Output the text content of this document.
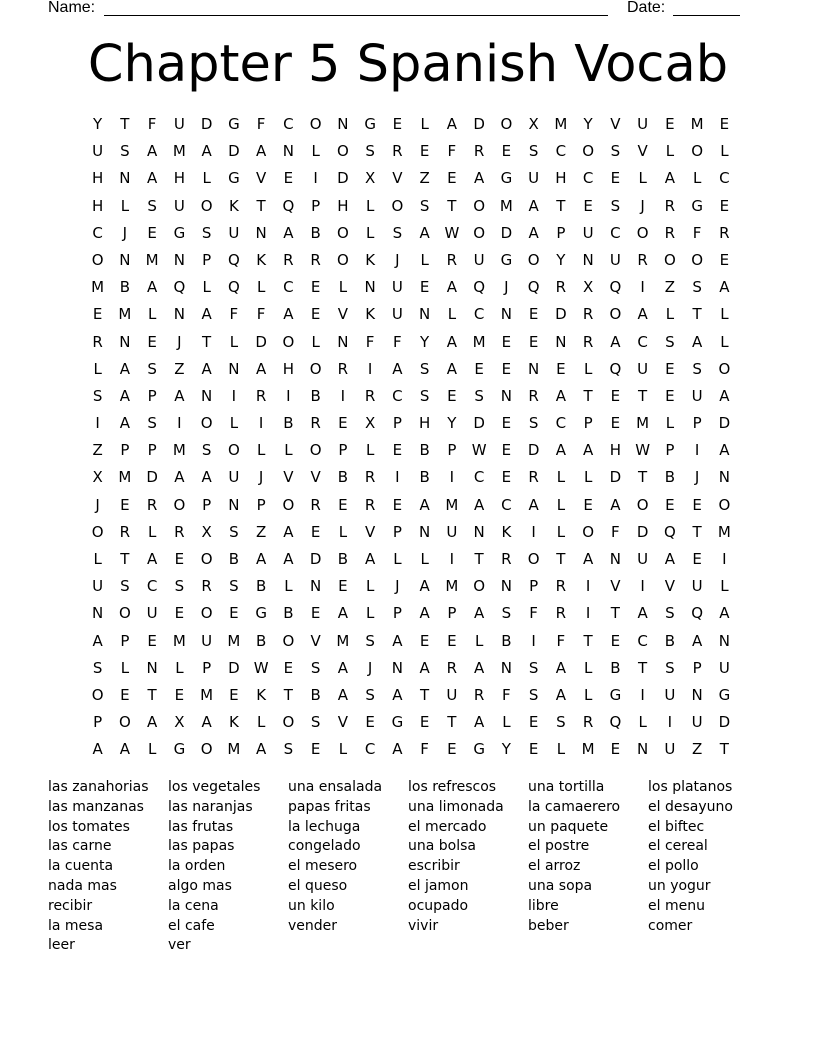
Name:	Date:
Chapter 5 Spanish Vocab
Y	T	F	U	D	G	F	C	O	N	G	E	L	A	D	O	X	M	Y	V	U	E	M	E
U	S	A	M	A	D	A	N	L	O	S	R	E	F	R	E	S	C	O	S	V	L	O	L
H	N	A	H	L	G	V	E	I	D	X	V	Z	E	A	G	U	H	C	E	L	A	L	C
H	L	S	U	O	K	T	Q	P	H	L	O	S	T	O M	A	T	E	S	J	R	G	E
C	J	E	G	S	U	N	A	B	O	L	S	A W O	D	A	P	U	C	O	R	F	R
O	N	M	N	P	Q	K	R	R	O	K	J	L	R	U	G	O	Y	N	U	R	O	O	E
M	B	A	Q	L	Q	L	C	E	L	N	U	E	A	Q	J	Q	R	X	Q	I	Z	S	A
E	M	L	N	A	F	F	A	E	V	K	U	N	L	C	N	E	D	R	O	A	L	T	L
R	N	E	J	T	L	D	O	L	N	F	F	Y	A	M	E	E	N	R	A	C	S	A	L
L	A	S	Z	A	N	A	H	O	R	I	A	S	A	E	E	N	E	L	Q	U	E	S	O
S	A	P	A	N	I	R	I	B	I	R	C	S	E	S	N	R	A	T	E	T	E	U	A
I	A	S	I	O	L	I	B	R	E	X	P	H	Y	D	E	S	C	P	E	M	L	P	D
Z	P	P	M	S	O	L	L	O	P	L	E	B	P	W	E	D	A	A	H W	P	I	A
X	M	D	A	A	U	J	V	V	B	R	I	B	I	C	E	R	L	L	D	T	B	J	N
J	E	R	O	P	N	P	O	R	E	R	E	A	M	A	C	A	L	E	A	O	E	E	O
O	R	L	R	X	S	Z	A	E	L	V	P	N	U	N	K	I	L	O	F	D	Q	T	M
L	T	A	E	O	B	A	A	D	B	A	L	L	I	T	R	O	T	A	N	U	A	E	I
U	S	C	S	R	S	B	L	N	E	L	J	A	M O	N	P	R	I	V	I	V	U	L
N	O	U	E	O	E	G	B	E	A	L	P	A	P	A	S	F	R	I	T	A	S	Q	A
A	P	E	M	U	M	B	O	V	M	S	A	E	E	L	B	I	F	T	E	C	B	A	N
S	L	N	L	P	D W	E	S	A	J	N	A	R	A	N	S	A	L	B	T	S	P	U
O	E	T	E	M	E	K	T	B	A	S	A	T	U	R	F	S	A	L	G	I	U	N	G
P	O	A	X	A	K	L	O	S	V	E	G	E	T	A	L	E	S	R	Q	L	I	U	D
A	A	L	G	O M	A	S	E	L	C	A	F	E	G	Y	E	L	M	E	N	U	Z	T
las zanahorias
las manzanas
los tomates
las carne
la cuenta
nada mas
recibir
la mesa
leer
los vegetales
las naranjas
las frutas
las papas
la orden
algo mas
la cena
el cafe
ver
una ensalada
papas fritas
la lechuga
congelado
el mesero
el queso
un kilo
vender
los refrescos
una limonada
el mercado
una bolsa
escribir
el jamon
ocupado
vivir
una tortilla
la camaerero
un paquete
el postre
el arroz
una sopa
libre
beber
los platanos
el desayuno
el biftec
el cereal
el pollo
un yogur
el menu
comer
